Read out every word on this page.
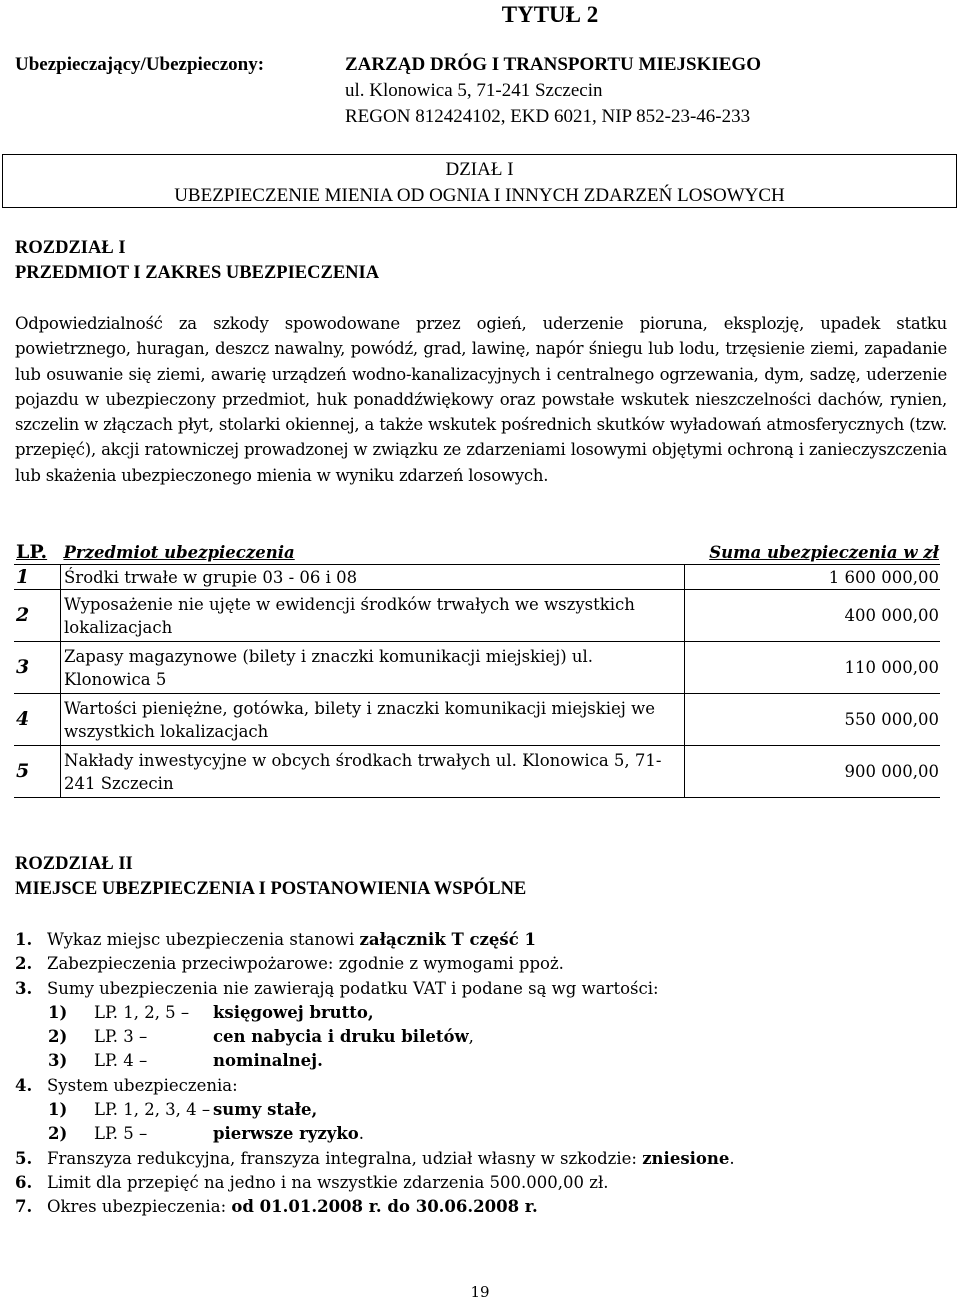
TYTUŁ 2
Ubezpieczający/Ubezpieczony:	ZARZĄD DRÓG I TRANSPORTU MIEJSKIEGO
ul. Klonowica 5, 71-241 Szczecin
REGON 812424102, EKD 6021, NIP 852-23-46-233
DZIAŁ I
UBEZPIECZENIE MIENIA OD OGNIA I INNYCH ZDARZEŃ LOSOWYCH
ROZDZIAŁ I
PRZEDMIOT I ZAKRES UBEZPIECZENIA
Odpowiedzialność za szkody spowodowane przez ogień, uderzenie pioruna, eksplozję, upadek statku powietrznego, huragan, deszcz nawalny, powódź, grad, lawinę, napór śniegu lub lodu, trzęsienie ziemi, zapadanie lub osuwanie się ziemi, awarię urządzeń wodno-kanalizacyjnych i centralnego ogrzewania, dym, sadzę, uderzenie pojazdu w ubezpieczony przedmiot, huk ponaddźwiękowy oraz powstałe wskutek nieszczelności dachów, rynien, szczelin w złączach płyt, stolarki okiennej, a także wskutek pośrednich skutków wyładowań atmosferycznych (tzw. przepięć), akcji ratowniczej prowadzonej w związku ze zdarzeniami losowymi objętymi ochroną i zanieczyszczenia lub skażenia ubezpieczonego mienia w wyniku zdarzeń losowych.
LP.	Przedmiot ubezpieczenia	Suma ubezpieczenia w zł
1	Środki trwałe w grupie 03 - 06 i 08	1 600 000,00
2	Wyposażenie nie ujęte w ewidencji środków trwałych we wszystkich lokalizacjach	400 000,00
3	Zapasy magazynowe (bilety i znaczki komunikacji miejskiej) ul. Klonowica 5	110 000,00
4	Wartości pieniężne, gotówka, bilety i znaczki komunikacji miejskiej we wszystkich lokalizacjach	550 000,00
5	Nakłady inwestycyjne w obcych środkach trwałych ul. Klonowica 5, 71-241 Szczecin	900 000,00
ROZDZIAŁ II
MIEJSCE UBEZPIECZENIA I POSTANOWIENIA WSPÓLNE
1. Wykaz miejsc ubezpieczenia stanowi załącznik T część 1
2. Zabezpieczenia przeciwpożarowe: zgodnie z wymogami ppoż.
3. Sumy ubezpieczenia nie zawierają podatku VAT i podane są wg wartości:
1) LP. 1, 2, 5 – księgowej brutto,
2) LP. 3 –	cen nabycia i druku biletów,
3) LP. 4 –	nominalnej.
4. System ubezpieczenia:
1) LP. 1, 2, 3, 4 – sumy stałe,
2) LP. 5 –	pierwsze ryzyko.
5. Franszyza redukcyjna, franszyza integralna, udział własny w szkodzie: zniesione.
6. Limit dla przepięć na jedno i na wszystkie zdarzenia 500.000,00 zł.
7. Okres ubezpieczenia: od 01.01.2008 r. do 30.06.2008 r.
19
